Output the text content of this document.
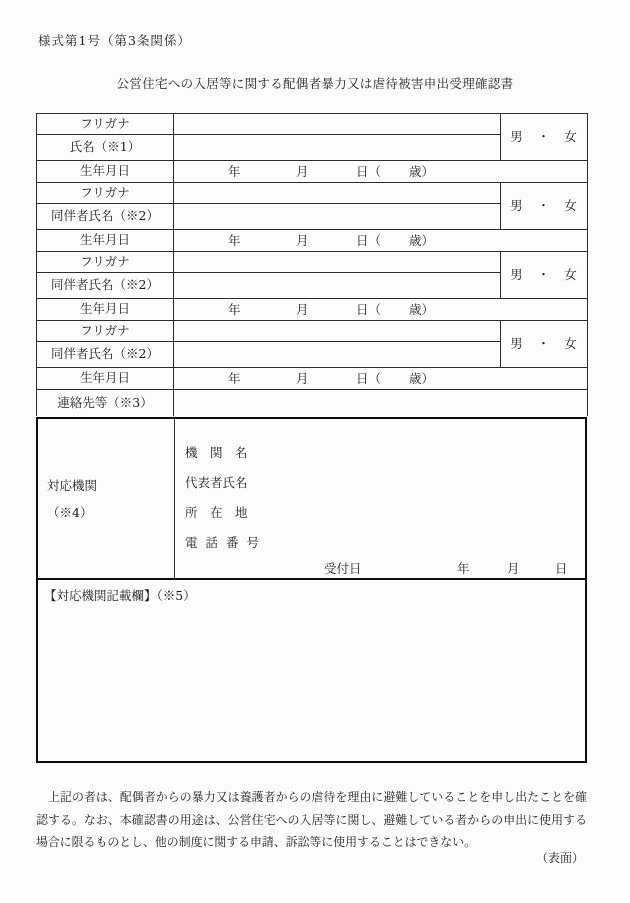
様式第1号（第3条関係）
公営住宅への入居等に関する配偶者暴力又は虐待被害申出受理確認書
フリガナ		男　・　女
氏名（※1）		
生年月日	年 月 日（ 歳）	

フリガナ		男　・　女
同伴者氏名（※2）		
生年月日	年 月 日（ 歳）	

フリガナ		男　・　女
同伴者氏名（※2）		
生年月日	年 月 日（ 歳）	

フリガナ		男　・　女
同伴者氏名（※2）		
生年月日	年 月 日（ 歳）	

連絡先等（※3）		
対応機関
（※4）
機　関　名
代表者氏名
所　在　地
電話番号
受付日	年	月	日
【対応機関記載欄】（※5）
　上記の者は、配偶者からの暴力又は養護者からの虐待を理由に避難していることを申し出たことを確認する。なお、本確認書の用途は、公営住宅への入居等に関し、避難している者からの申出に使用する場合に限るものとし、他の制度に関する申請、訴訟等に使用することはできない。
（表面）
